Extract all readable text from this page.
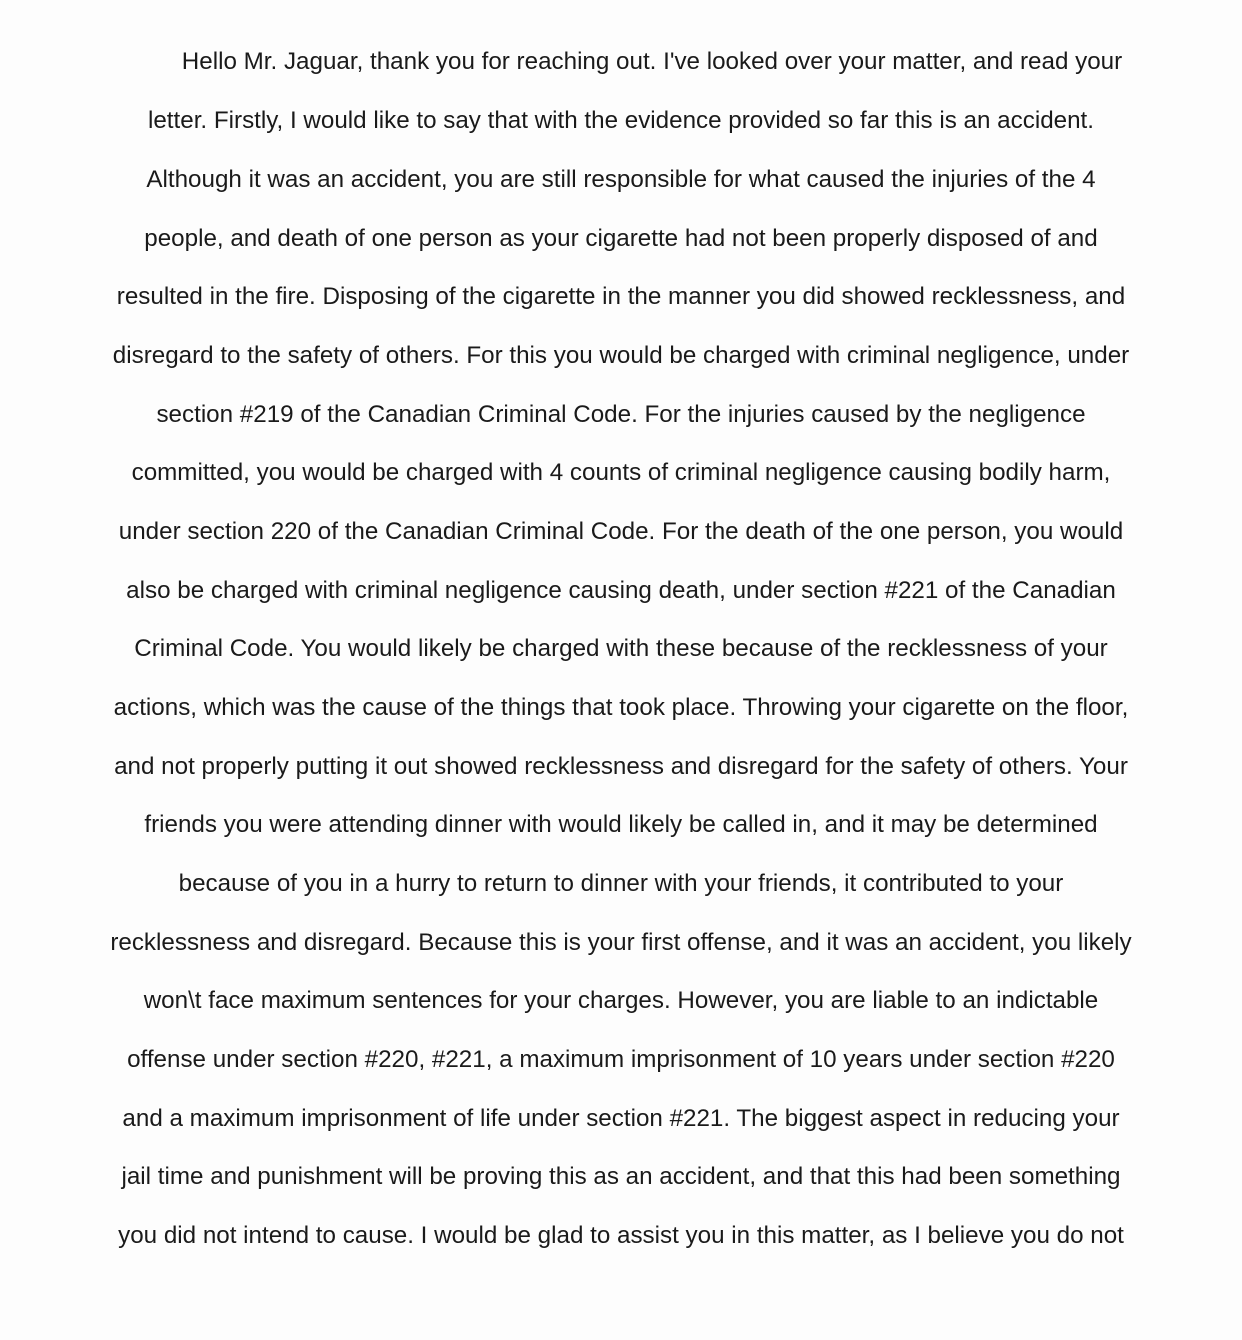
Hello Mr. Jaguar, thank you for reaching out. I've looked over your matter, and read your
letter. Firstly, I would like to say that with the evidence provided so far this is an accident.
Although it was an accident, you are still responsible for what caused the injuries of the 4
people, and death of one person as your cigarette had not been properly disposed of and
resulted in the fire. Disposing of the cigarette in the manner you did showed recklessness, and
disregard to the safety of others. For this you would be charged with criminal negligence, under
section #219 of the Canadian Criminal Code. For the injuries caused by the negligence
committed, you would be charged with 4 counts of criminal negligence causing bodily harm,
under section 220 of the Canadian Criminal Code. For the death of the one person, you would
also be charged with criminal negligence causing death, under section #221 of the Canadian
Criminal Code. You would likely be charged with these because of the recklessness of your
actions, which was the cause of the things that took place. Throwing your cigarette on the floor,
and not properly putting it out showed recklessness and disregard for the safety of others. Your
friends you were attending dinner with would likely be called in, and it may be determined
because of you in a hurry to return to dinner with your friends, it contributed to your
recklessness and disregard. Because this is your first offense, and it was an accident, you likely
won\t face maximum sentences for your charges. However, you are liable to an indictable
offense under section #220, #221, a maximum imprisonment of 10 years under section #220
and a maximum imprisonment of life under section #221. The biggest aspect in reducing your
jail time and punishment will be proving this as an accident, and that this had been something
you did not intend to cause. I would be glad to assist you in this matter, as I believe you do not
